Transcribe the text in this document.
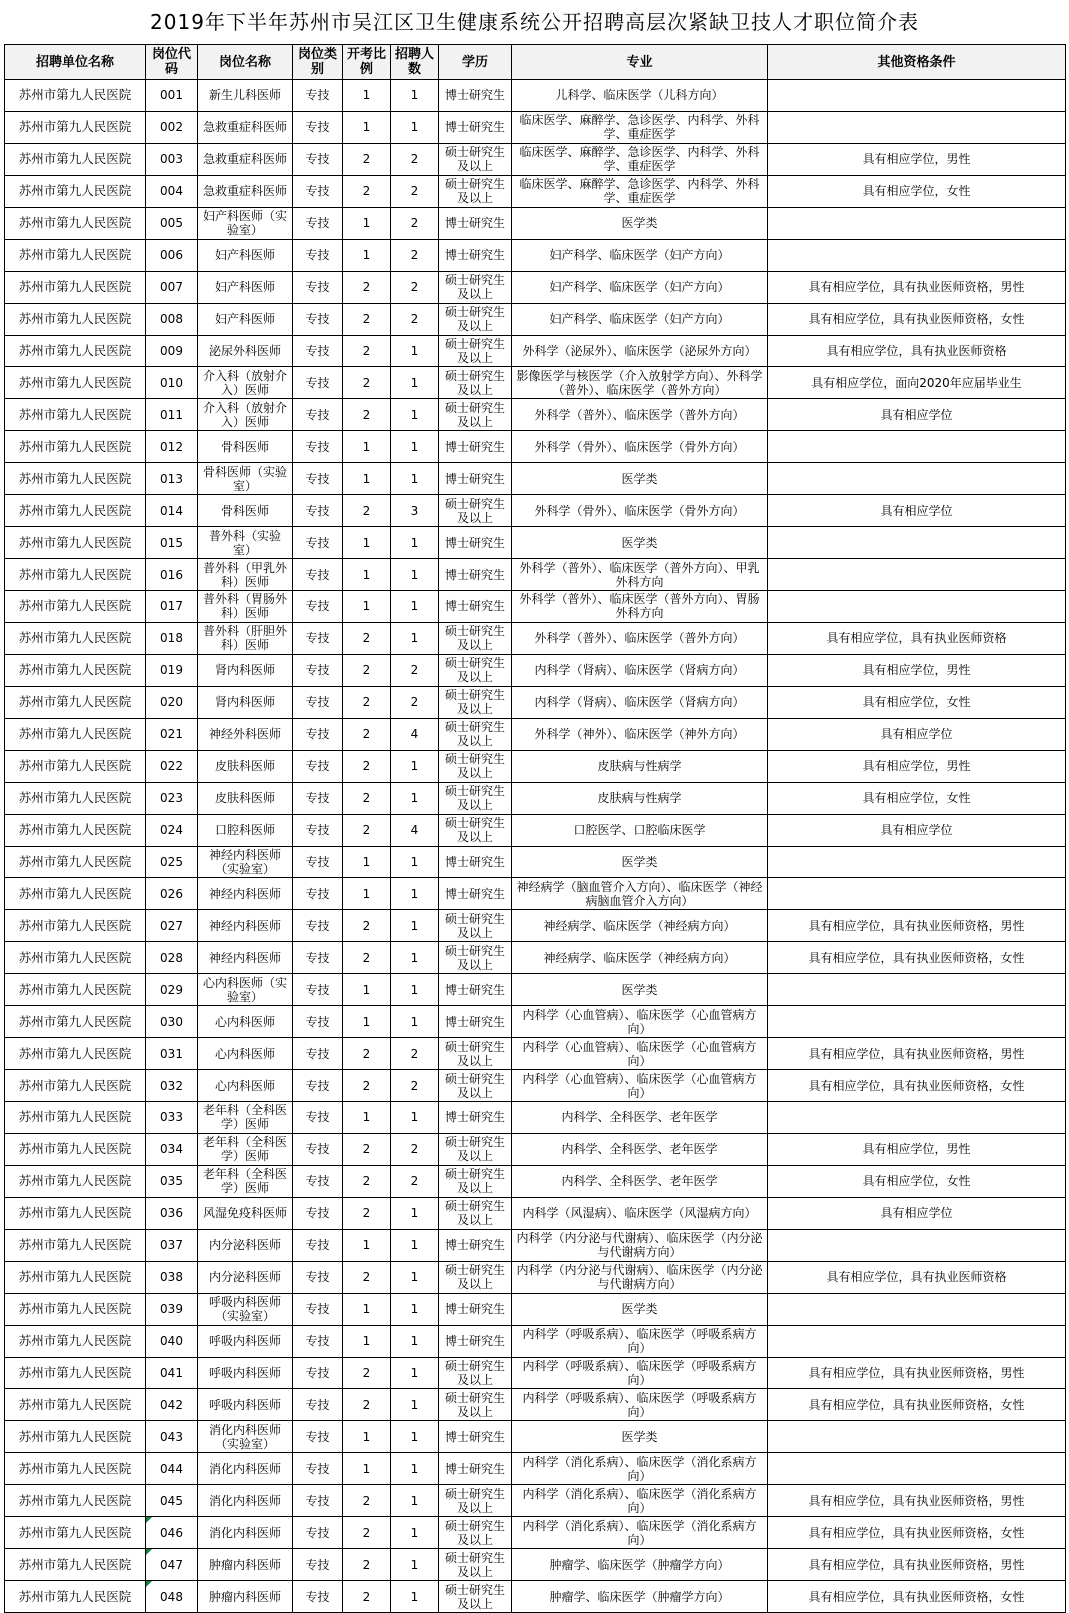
2019年下半年苏州市吴江区卫生健康系统公开招聘高层次紧缺卫技人才职位简介表
招聘单位名称	岗位代码	岗位名称	岗位类别	开考比例	招聘人数	学历	专业	其他资格条件
苏州市第九人民医院	001	新生儿科医师	专技	1	1	博士研究生	儿科学、临床医学（儿科方向）	
苏州市第九人民医院	002	急救重症科医师	专技	1	1	博士研究生	临床医学、麻醉学、急诊医学、内科学、外科学、重症医学	
苏州市第九人民医院	003	急救重症科医师	专技	2	2	硕士研究生及以上	临床医学、麻醉学、急诊医学、内科学、外科学、重症医学	具有相应学位，男性
苏州市第九人民医院	004	急救重症科医师	专技	2	2	硕士研究生及以上	临床医学、麻醉学、急诊医学、内科学、外科学、重症医学	具有相应学位，女性
苏州市第九人民医院	005	妇产科医师（实验室）	专技	1	2	博士研究生	医学类	
苏州市第九人民医院	006	妇产科医师	专技	1	2	博士研究生	妇产科学、临床医学（妇产方向）	
苏州市第九人民医院	007	妇产科医师	专技	2	2	硕士研究生及以上	妇产科学、临床医学（妇产方向）	具有相应学位，具有执业医师资格，男性
苏州市第九人民医院	008	妇产科医师	专技	2	2	硕士研究生及以上	妇产科学、临床医学（妇产方向）	具有相应学位，具有执业医师资格，女性
苏州市第九人民医院	009	泌尿外科医师	专技	2	1	硕士研究生及以上	外科学（泌尿外）、临床医学（泌尿外方向）	具有相应学位，具有执业医师资格
苏州市第九人民医院	010	介入科（放射介入）医师	专技	2	1	硕士研究生及以上	影像医学与核医学（介入放射学方向）、外科学（普外）、临床医学（普外方向）	具有相应学位，面向2020年应届毕业生
苏州市第九人民医院	011	介入科（放射介入）医师	专技	2	1	硕士研究生及以上	外科学（普外）、临床医学（普外方向）	具有相应学位
苏州市第九人民医院	012	骨科医师	专技	1	1	博士研究生	外科学（骨外）、临床医学（骨外方向）	
苏州市第九人民医院	013	骨科医师（实验室）	专技	1	1	博士研究生	医学类	
苏州市第九人民医院	014	骨科医师	专技	2	3	硕士研究生及以上	外科学（骨外）、临床医学（骨外方向）	具有相应学位
苏州市第九人民医院	015	普外科（实验室）	专技	1	1	博士研究生	医学类	
苏州市第九人民医院	016	普外科（甲乳外科）医师	专技	1	1	博士研究生	外科学（普外）、临床医学（普外方向）、甲乳外科方向	
苏州市第九人民医院	017	普外科（胃肠外科）医师	专技	1	1	博士研究生	外科学（普外）、临床医学（普外方向）、胃肠外科方向	
苏州市第九人民医院	018	普外科（肝胆外科）医师	专技	2	1	硕士研究生及以上	外科学（普外）、临床医学（普外方向）	具有相应学位，具有执业医师资格
苏州市第九人民医院	019	肾内科医师	专技	2	2	硕士研究生及以上	内科学（肾病）、临床医学（肾病方向）	具有相应学位，男性
苏州市第九人民医院	020	肾内科医师	专技	2	2	硕士研究生及以上	内科学（肾病）、临床医学（肾病方向）	具有相应学位，女性
苏州市第九人民医院	021	神经外科医师	专技	2	4	硕士研究生及以上	外科学（神外）、临床医学（神外方向）	具有相应学位
苏州市第九人民医院	022	皮肤科医师	专技	2	1	硕士研究生及以上	皮肤病与性病学	具有相应学位，男性
苏州市第九人民医院	023	皮肤科医师	专技	2	1	硕士研究生及以上	皮肤病与性病学	具有相应学位，女性
苏州市第九人民医院	024	口腔科医师	专技	2	4	硕士研究生及以上	口腔医学、口腔临床医学	具有相应学位
苏州市第九人民医院	025	神经内科医师（实验室）	专技	1	1	博士研究生	医学类	
苏州市第九人民医院	026	神经内科医师	专技	1	1	博士研究生	神经病学（脑血管介入方向）、临床医学（神经病脑血管介入方向）	
苏州市第九人民医院	027	神经内科医师	专技	2	1	硕士研究生及以上	神经病学、临床医学（神经病方向）	具有相应学位，具有执业医师资格，男性
苏州市第九人民医院	028	神经内科医师	专技	2	1	硕士研究生及以上	神经病学、临床医学（神经病方向）	具有相应学位，具有执业医师资格，女性
苏州市第九人民医院	029	心内科医师（实验室）	专技	1	1	博士研究生	医学类	
苏州市第九人民医院	030	心内科医师	专技	1	1	博士研究生	内科学（心血管病）、临床医学（心血管病方向）	
苏州市第九人民医院	031	心内科医师	专技	2	2	硕士研究生及以上	内科学（心血管病）、临床医学（心血管病方向）	具有相应学位，具有执业医师资格，男性
苏州市第九人民医院	032	心内科医师	专技	2	2	硕士研究生及以上	内科学（心血管病）、临床医学（心血管病方向）	具有相应学位，具有执业医师资格，女性
苏州市第九人民医院	033	老年科（全科医学）医师	专技	1	1	博士研究生	内科学、全科医学、老年医学	
苏州市第九人民医院	034	老年科（全科医学）医师	专技	2	2	硕士研究生及以上	内科学、全科医学、老年医学	具有相应学位，男性
苏州市第九人民医院	035	老年科（全科医学）医师	专技	2	2	硕士研究生及以上	内科学、全科医学、老年医学	具有相应学位，女性
苏州市第九人民医院	036	风湿免疫科医师	专技	2	1	硕士研究生及以上	内科学（风湿病）、临床医学（风湿病方向）	具有相应学位
苏州市第九人民医院	037	内分泌科医师	专技	1	1	博士研究生	内科学（内分泌与代谢病）、临床医学（内分泌与代谢病方向）	
苏州市第九人民医院	038	内分泌科医师	专技	2	1	硕士研究生及以上	内科学（内分泌与代谢病）、临床医学（内分泌与代谢病方向）	具有相应学位，具有执业医师资格
苏州市第九人民医院	039	呼吸内科医师（实验室）	专技	1	1	博士研究生	医学类	
苏州市第九人民医院	040	呼吸内科医师	专技	1	1	博士研究生	内科学（呼吸系病）、临床医学（呼吸系病方向）	
苏州市第九人民医院	041	呼吸内科医师	专技	2	1	硕士研究生及以上	内科学（呼吸系病）、临床医学（呼吸系病方向）	具有相应学位，具有执业医师资格，男性
苏州市第九人民医院	042	呼吸内科医师	专技	2	1	硕士研究生及以上	内科学（呼吸系病）、临床医学（呼吸系病方向）	具有相应学位，具有执业医师资格，女性
苏州市第九人民医院	043	消化内科医师（实验室）	专技	1	1	博士研究生	医学类	
苏州市第九人民医院	044	消化内科医师	专技	1	1	博士研究生	内科学（消化系病）、临床医学（消化系病方向）	
苏州市第九人民医院	045	消化内科医师	专技	2	1	硕士研究生及以上	内科学（消化系病）、临床医学（消化系病方向）	具有相应学位，具有执业医师资格，男性
苏州市第九人民医院	046	消化内科医师	专技	2	1	硕士研究生及以上	内科学（消化系病）、临床医学（消化系病方向）	具有相应学位，具有执业医师资格，女性
苏州市第九人民医院	047	肿瘤内科医师	专技	2	1	硕士研究生及以上	肿瘤学、临床医学（肿瘤学方向）	具有相应学位，具有执业医师资格，男性
苏州市第九人民医院	048	肿瘤内科医师	专技	2	1	硕士研究生及以上	肿瘤学、临床医学（肿瘤学方向）	具有相应学位，具有执业医师资格，女性
